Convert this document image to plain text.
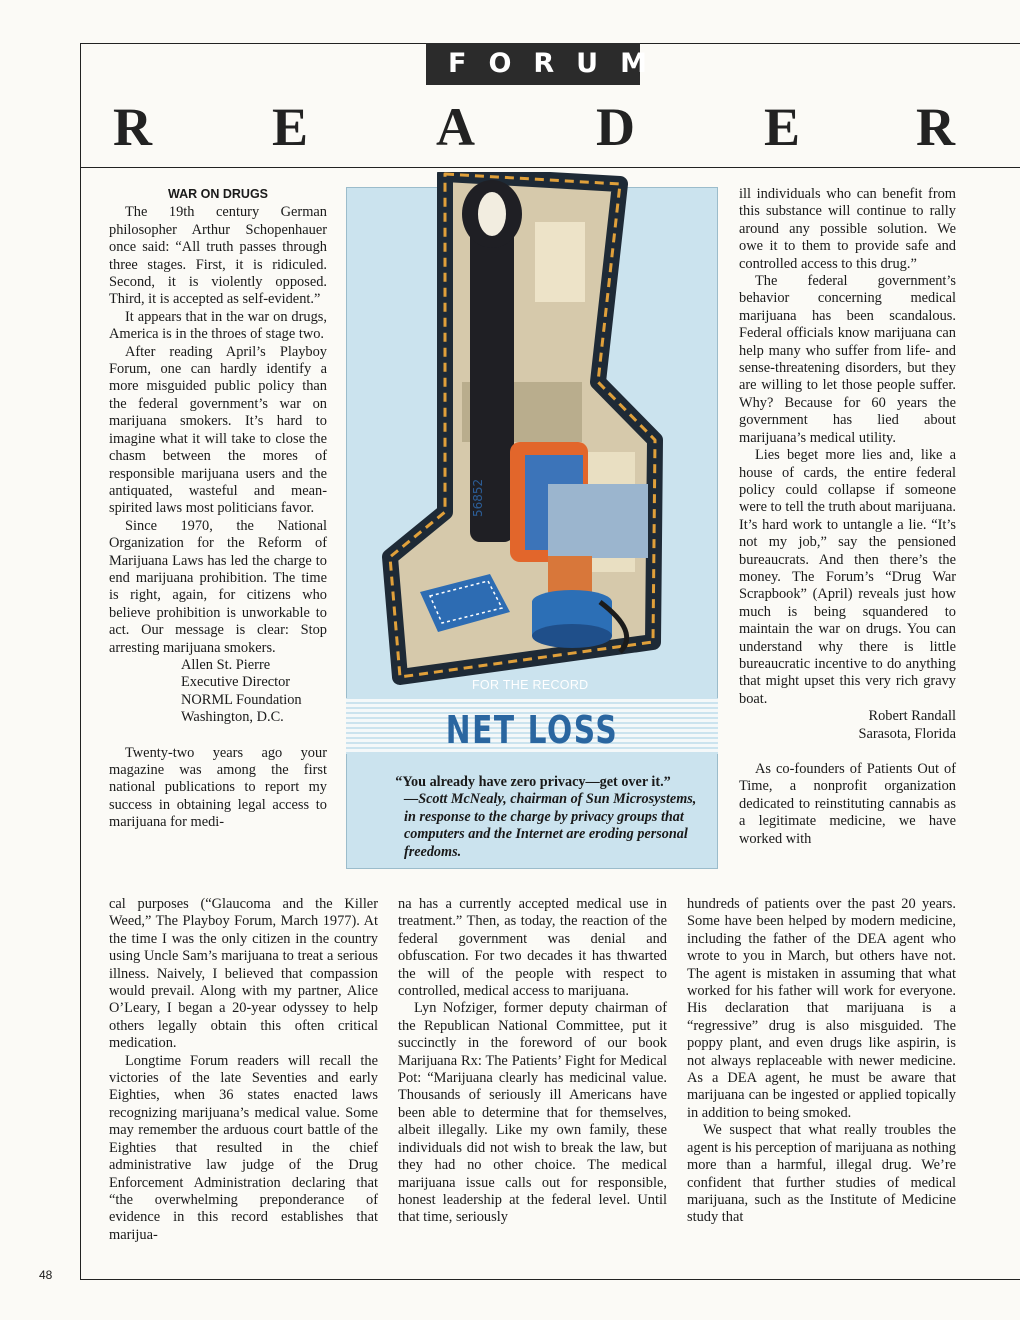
FORUM
R E A D E R
48
WAR ON DRUGS

The 19th century German philosopher Arthur Schopenhauer once said: “All truth passes through three stages. First, it is ridiculed. Second, it is violently opposed. Third, it is accepted as self-evident.”

It appears that in the war on drugs, America is in the throes of stage two.

After reading April’s Playboy Forum, one can hardly identify a more misguided public policy than the federal government’s war on marijuana smokers. It’s hard to imagine what it will take to close the chasm between the mores of responsible marijuana users and the antiquated, wasteful and mean-spirited laws most politicians favor.

Since 1970, the National Organization for the Reform of Marijuana Laws has led the charge to end marijuana prohibition. The time is right, again, for citizens who believe prohibition is unworkable to act. Our message is clear: Stop arresting marijuana smokers.

Allen St. Pierre
Executive Director
NORML Foundation
Washington, D.C.

Twenty-two years ago your magazine was among the first national publications to report my success in obtaining legal access to marijuana for medi-

56852
FOR THE RECORD
NET LOSS
“You already have zero privacy—get over it.”
—Scott McNealy, chairman of Sun Microsystems, in response to the charge by privacy groups that computers and the Internet are eroding personal freedoms.

ill individuals who can benefit from this substance will continue to rally around any possible solution. We owe it to them to provide safe and controlled access to this drug.”

The federal government’s behavior concerning medical marijuana has been scandalous. Federal officials know marijuana can help many who suffer from life- and sense-threatening disorders, but they are willing to let those people suffer. Why? Because for 60 years the government has lied about marijuana’s medical utility.

Lies beget more lies and, like a house of cards, the entire federal policy could collapse if someone were to tell the truth about marijuana. It’s hard work to untangle a lie. “It’s not my job,” say the pensioned bureaucrats. And then there’s the money. The Forum’s “Drug War Scrapbook” (April) reveals just how much is being squandered to maintain the war on drugs. You can understand why there is little bureaucratic incentive to do anything that might upset this very rich gravy boat.

Robert Randall
Sarasota, Florida

As co-founders of Patients Out of Time, a nonprofit organization dedicated to reinstituting cannabis as a legitimate medicine, we have worked with

cal purposes (“Glaucoma and the Killer Weed,” The Playboy Forum, March 1977). At the time I was the only citizen in the country using Uncle Sam’s marijuana to treat a serious illness. Naively, I believed that compassion would prevail. Along with my partner, Alice O’Leary, I began a 20-year odyssey to help others legally obtain this often critical medication.

Longtime Forum readers will recall the victories of the late Seventies and early Eighties, when 36 states enacted laws recognizing marijuana’s medical value. Some may remember the arduous court battle of the Eighties that resulted in the chief administrative law judge of the Drug Enforcement Administration declaring that “the overwhelming preponderance of evidence in this record establishes that marijua-

na has a currently accepted medical use in treatment.” Then, as today, the reaction of the federal government was denial and obfuscation. For two decades it has thwarted the will of the people with respect to controlled, medical access to marijuana.

Lyn Nofziger, former deputy chairman of the Republican National Committee, put it succinctly in the foreword of our book Marijuana Rx: The Patients’ Fight for Medical Pot: “Marijuana clearly has medicinal value. Thousands of seriously ill Americans have been able to determine that for themselves, albeit illegally. Like my own family, these individuals did not wish to break the law, but they had no other choice. The medical marijuana issue calls out for responsible, honest leadership at the federal level. Until that time, seriously

hundreds of patients over the past 20 years. Some have been helped by modern medicine, including the father of the DEA agent who wrote to you in March, but others have not. The agent is mistaken in assuming that what worked for his father will work for everyone. His declaration that marijuana is a “regressive” drug is also misguided. The poppy plant, and even drugs like aspirin, is not always replaceable with newer medicine. As a DEA agent, he must be aware that marijuana can be ingested or applied topically in addition to being smoked.

We suspect that what really troubles the agent is his perception of marijuana as nothing more than a harmful, illegal drug. We’re confident that further studies of medical marijuana, such as the Institute of Medicine study that
